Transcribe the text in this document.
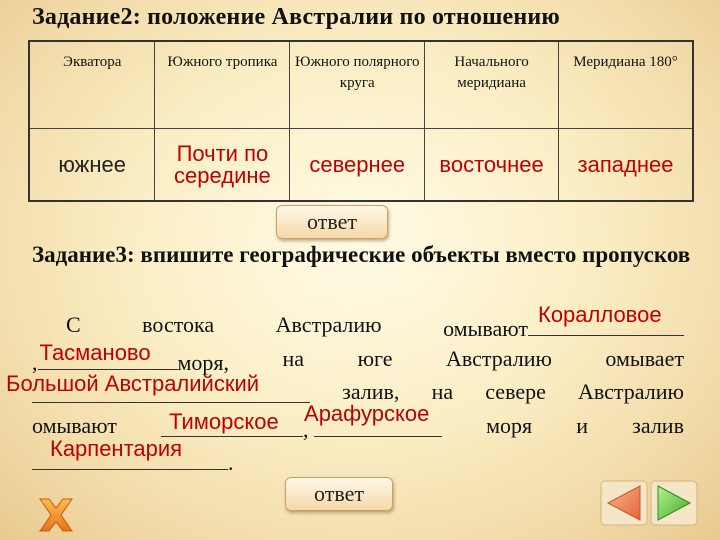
Задание2: положение Австралии по отношению
Экватора	Южного тропика	Южного полярного круга	Начального меридиана	Меридиана 180°
южнее	Почти по середине	севернее	восточнее	западнее
ответ
Задание3: впишите географические объекты вместо пропусков
С	востока	Австралию	омывают
Коралловое
, Тасманово моря, на юге Австралию омывает
Большой Австралийский	залив, на севере Австралию
омывают Тиморское ,
Арафурское	моря и залив
Карпентария
.
ответ
